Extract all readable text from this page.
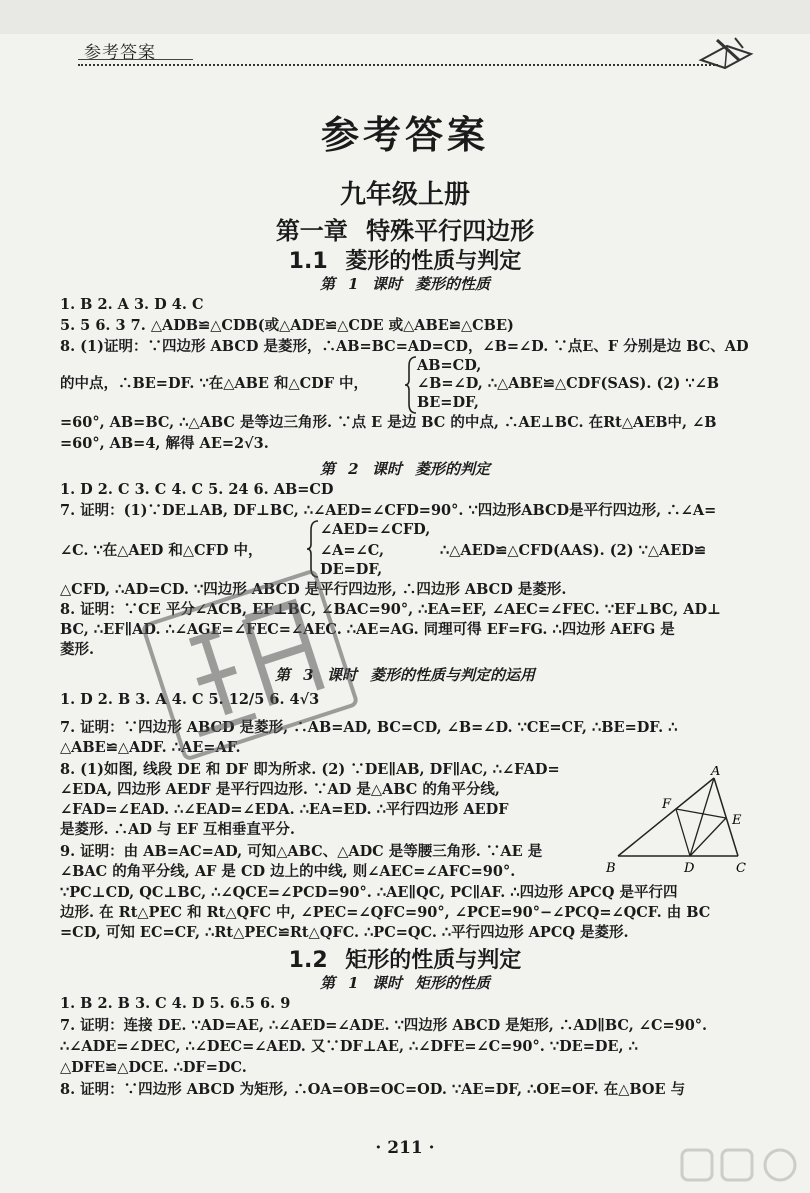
参考答案
参考答案
九年级上册
第一章 特殊平行四边形
1.1 菱形的性质与判定
第 1 课时 菱形的性质
1. B 2. A 3. D 4. C
5. 5 6. 3 7. △ADB≌△CDB(或△ADE≌△CDE 或△ABE≌△CBE)
8. (1)证明：∵四边形 ABCD 是菱形，∴AB=BC=AD=CD，∠B=∠D. ∵点E、F 分别是边 BC、AD
AB=CD,
的中点，∴BE=DF. ∵在△ABE 和△CDF 中，	∠B=∠D, ∴△ABE≌△CDF(SAS). (2) ∵∠B
BE=DF,
=60°, AB=BC, ∴△ABC 是等边三角形. ∵点 E 是边 BC 的中点, ∴AE⊥BC. 在Rt△AEB中, ∠B
=60°, AB=4, 解得 AE=2√3.
第 2 课时 菱形的判定
1. D 2. C 3. C 4. C 5. 24 6. AB=CD
7. 证明：(1)∵DE⊥AB, DF⊥BC, ∴∠AED=∠CFD=90°. ∵四边形ABCD是平行四边形, ∴∠A=
∠AED=∠CFD,
∠C. ∵在△AED 和△CFD 中，	∠A=∠C,	∴△AED≌△CFD(AAS). (2) ∵△AED≌
DE=DF,
△CFD, ∴AD=CD. ∵四边形 ABCD 是平行四边形, ∴四边形 ABCD 是菱形.
8. 证明：∵CE 平分∠ACB, EF⊥BC, ∠BAC=90°, ∴EA=EF, ∠AEC=∠FEC. ∵EF⊥BC, AD⊥
BC, ∴EF∥AD. ∴∠AGE=∠FEC=∠AEC. ∴AE=AG. 同理可得 EF=FG. ∴四边形 AEFG 是
菱形.
第 3 课时 菱形的性质与判定的运用
1. D 2. B 3. A 4. C 5. 12/5 6. 4√3
7. 证明：∵四边形 ABCD 是菱形, ∴AB=AD, BC=CD, ∠B=∠D. ∵CE=CF, ∴BE=DF. ∴
△ABE≌△ADF. ∴AE=AF.
8. (1)如图, 线段 DE 和 DF 即为所求. (2) ∵DE∥AB, DF∥AC, ∴∠FAD=
∠EDA, 四边形 AEDF 是平行四边形. ∵AD 是△ABC 的角平分线,
∠FAD=∠EAD. ∴∠EAD=∠EDA. ∴EA=ED. ∴平行四边形 AEDF
是菱形. ∴AD 与 EF 互相垂直平分.
9. 证明：由 AB=AC=AD, 可知△ABC、△ADC 是等腰三角形. ∵AE 是
∠BAC 的角平分线, AF 是 CD 边上的中线, 则∠AEC=∠AFC=90°.
∵PC⊥CD, QC⊥BC, ∴∠QCE=∠PCD=90°. ∴AE∥QC, PC∥AF. ∴四边形 APCQ 是平行四
边形. 在 Rt△PEC 和 Rt△QFC 中, ∠PEC=∠QFC=90°, ∠PCE=90°−∠PCQ=∠QCF. 由 BC
=CD, 可知 EC=CF, ∴Rt△PEC≌Rt△QFC. ∴PC=QC. ∴平行四边形 APCQ 是菱形.
A
F
E
B	D	C
1.2 矩形的性质与判定
第 1 课时 矩形的性质
1. B 2. B 3. C 4. D 5. 6.5 6. 9
7. 证明：连接 DE. ∵AD=AE, ∴∠AED=∠ADE. ∵四边形 ABCD 是矩形, ∴AD∥BC, ∠C=90°.
∴∠ADE=∠DEC, ∴∠DEC=∠AED. 又∵DF⊥AE, ∴∠DFE=∠C=90°. ∵DE=DE, ∴
△DFE≌△DCE. ∴DF=DC.
8. 证明：∵四边形 ABCD 为矩形, ∴OA=OB=OC=OD. ∵AE=DF, ∴OE=OF. 在△BOE 与
· 211 ·
